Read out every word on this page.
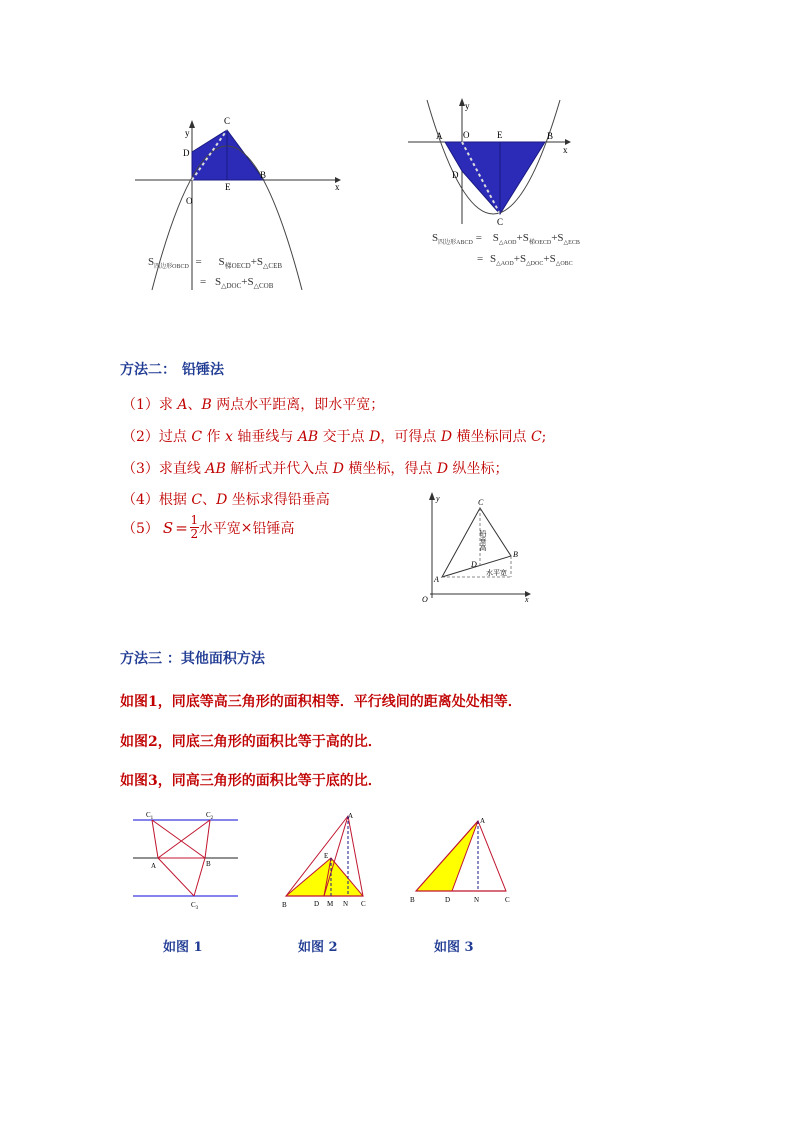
y
x
C
D
O
E
B
$S_{四边形OBCD} = S_{梯OECD}+S_{\triangle CEB}$
= $S_{\triangle DOC}+S_{\triangle COB}$
y
x
A O	E	B
D
C
$S_{四边形ABCD} = S_{\triangle AOD}+S_{梯OECD}+S_{\triangle ECB}$
= $S_{\triangle AOD}+S_{\triangle DOC}+S_{\triangle OBC}$
方法二： 铅锤法
（1）求 A、B 两点水平距离，即水平宽；
（2）过点 C 作 x 轴垂线与 AB 交于点 D，可得点 D 横坐标同点 C;
（3）求直线 AB 解析式并代入点 D 横坐标，得点 D 纵坐标；
（4）根据 C、D 坐标求得铅垂高
（5） S = 1
2 水平宽 × 铅锤高
y
x
O
A
B
C
D
铅垂高
水平宽
方法三 ：其他面积方法
如图1，同底等高三角形的面积相等．平行线间的距离处处相等．
如图2，同底三角形的面积比等于高的比．
如图3，同高三角形的面积比等于底的比．
$C_1$	$C_2$
A	B
$C_3$
A
E
B	D M N C
A
B	D	N	C
如图 1	如图 2	如图 3
